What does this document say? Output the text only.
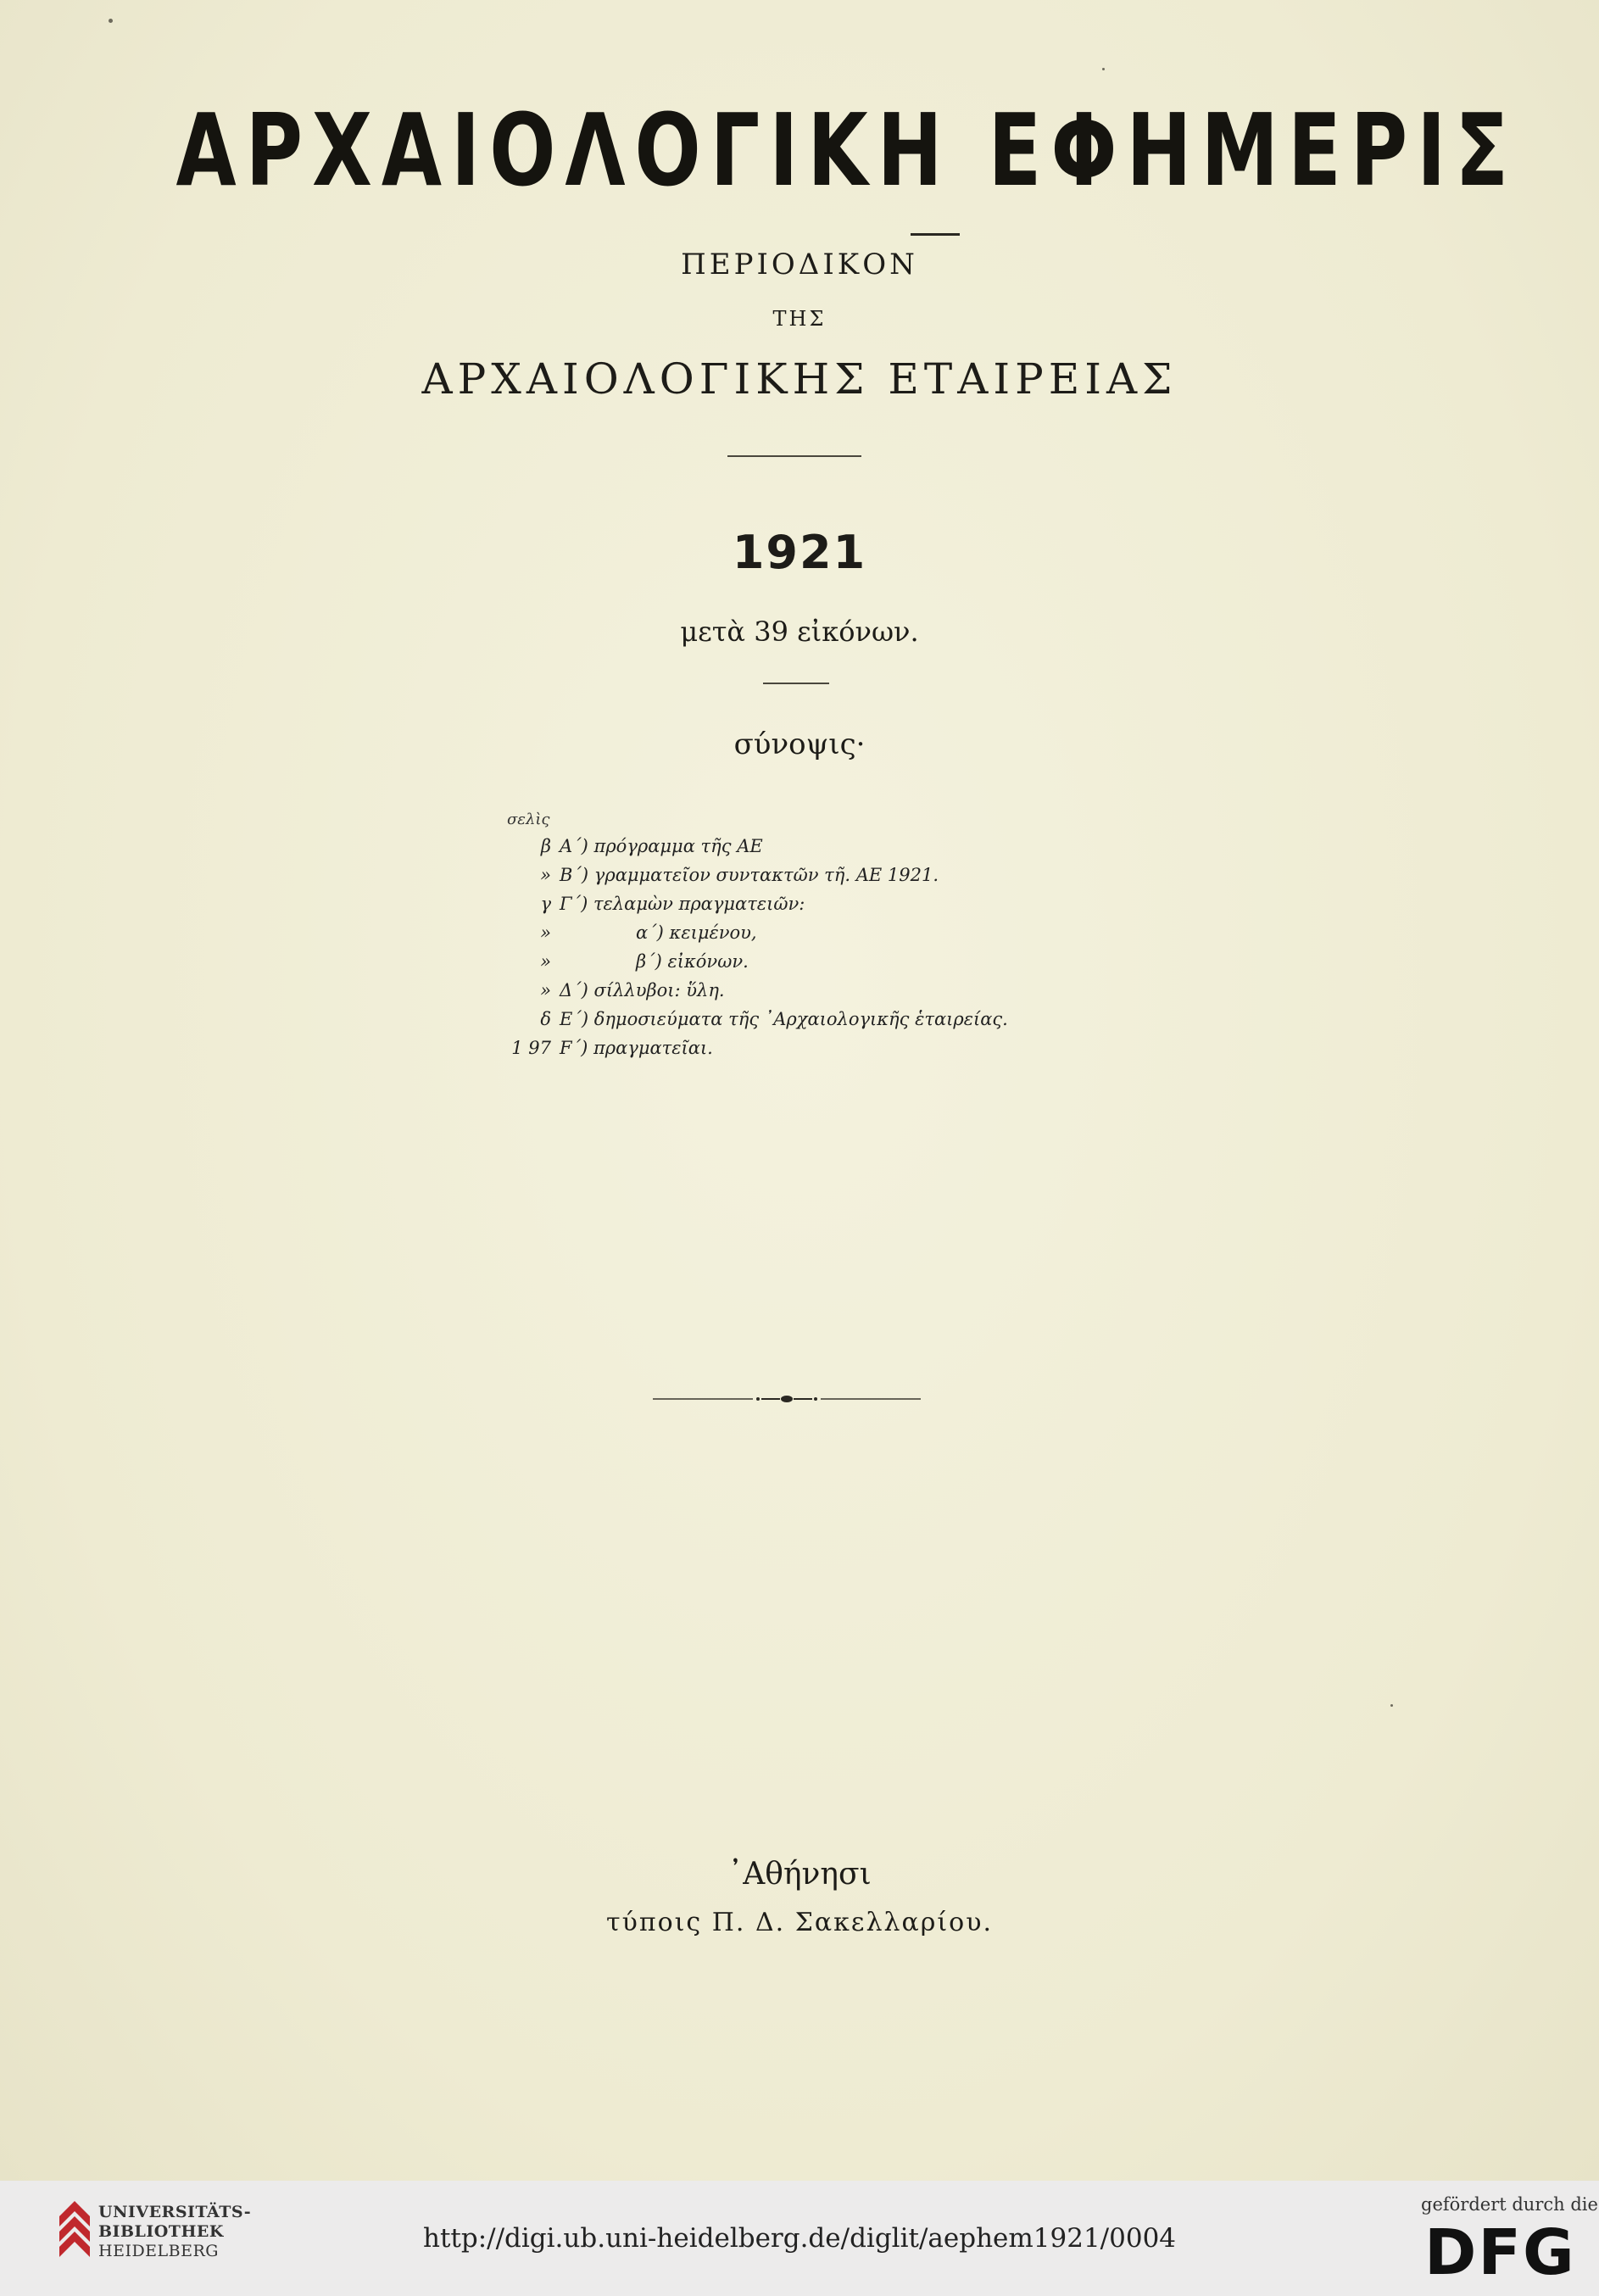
ΑΡΧΑΙΟΛΟΓΙΚΗ ΕΦΗΜΕΡΙΣ
ΠΕΡΙΟΔΙΚΟΝ
ΤΗΣ
ΑΡΧΑΙΟΛΟΓΙΚΗΣ ΕΤΑΙΡΕΙΑΣ
1921
μετὰ 39 εἰκόνων.
σύνοψις·
σελὶς
β A΄) πρόγραμμα τῆς AE
» B΄) γραμματεῖον συντακτῶν τῆ. AE 1921.
γ Γ΄) τελαμὼν πραγματειῶν:
»	α΄) κειμένου,
»	β΄) εἰκόνων.
» Δ΄) σίλλυβοι: ὕλη.
δ E΄) δημοσιεύματα τῆς ᾿Αρχαιολογικῆς ἑταιρείας.
1 97 F΄) πραγματεῖαι.
᾿Αθήνησι
τύποις Π. Δ. Σακελλαρίου.
UNIVERSITÄTS-
BIBLIOTHEK
HEIDELBERG	http://digi.ub.uni-heidelberg.de/diglit/aephem1921/0004
gefördert durch die
DFG
